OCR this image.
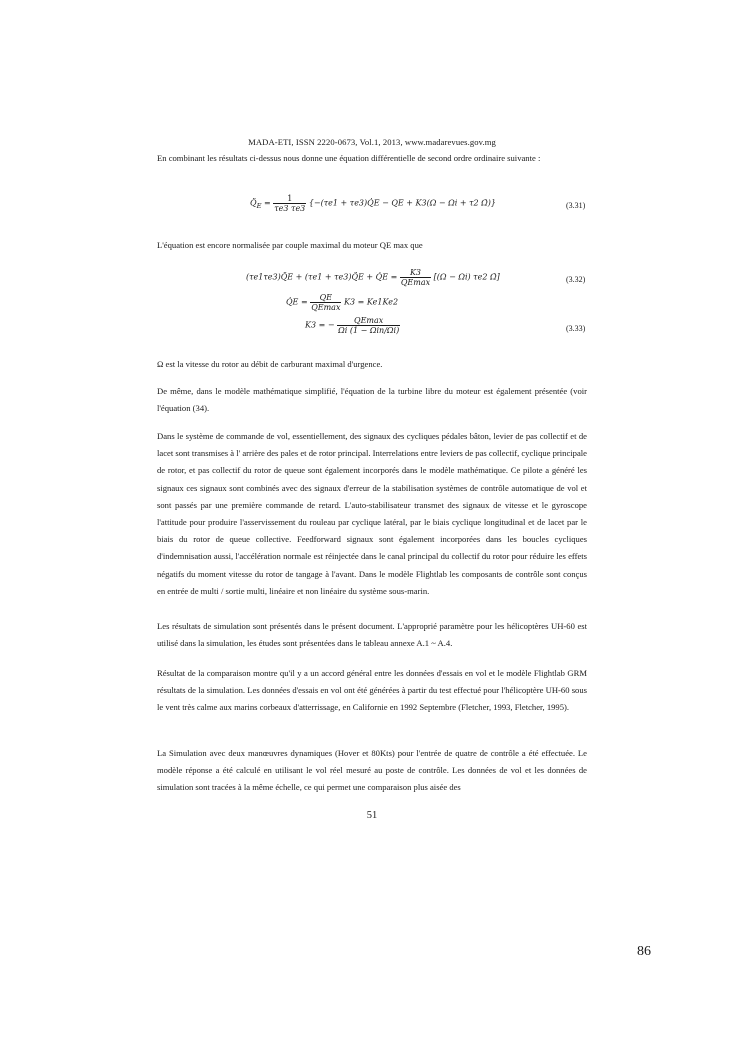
MADA-ETI, ISSN 2220-0673, Vol.1, 2013, www.madarevues.gov.mg

En combinant les résultats ci-dessus nous donne une équation différentielle de second ordre ordinaire suivante :

$Q̈_E = \frac{1}{\tau e3 \tau e3} \{-(\tau e1$ + τe3)Q̇E − QE + K3(Ω − Ωi + τ2 Ω̇)}	(3.31)

L'équation est encore normalisée par couple maximal du moteur QE max que

(τe1τe3)Q̈E + (τe1 + τe3)Q̈E + Q̇E = $\frac{K3}{QEmax} [(\Omega - \Omega i)$ τe2 Ω̇]	(3.32)
Q̇E = $\frac{QE}{QEmax} K3 = Ke1Ke2$
K3 = − $\frac{QEmax}{\text{Ωi (1 − Ωin/Ωi)}}$	(3.33)

Ω est la vitesse du rotor au débit de carburant maximal d'urgence.

De même, dans le modèle mathématique simplifié, l'équation de la turbine libre du moteur est également présentée (voir l'équation (34).

Dans le système de commande de vol, essentiellement, des signaux des cycliques pédales bâton, levier de pas collectif et de lacet sont transmises à l' arrière des pales et de rotor principal. Interrelations entre leviers de pas collectif, cyclique principale de rotor, et pas collectif du rotor de queue sont également incorporés dans le modèle mathématique. Ce pilote a généré les signaux ces signaux sont combinés avec des signaux d'erreur de la stabilisation systèmes de contrôle automatique de vol et sont passés par une première commande de retard. L'auto-stabilisateur transmet des signaux de vitesse et le gyroscope l'attitude pour produire l'asservissement du rouleau par cyclique latéral, par le biais cyclique longitudinal et de lacet par le biais du rotor de queue collective. Feedforward signaux sont également incorporées dans les boucles cycliques d'indemnisation aussi, l'accélération normale est réinjectée dans le canal principal du collectif du rotor pour réduire les effets négatifs du moment vitesse du rotor de tangage à l'avant. Dans le modèle Flightlab les composants de contrôle sont conçus en entrée de multi / sortie multi, linéaire et non linéaire du système sous-marin.

Les résultats de simulation sont présentés dans le présent document. L'approprié paramètre pour les hélicoptères UH-60 est utilisé dans la simulation, les études sont présentées dans le tableau annexe A.1 ~ A.4.

Résultat de la comparaison montre qu'il y a un accord général entre les données d'essais en vol et le modèle Flightlab GRM résultats de la simulation. Les données d'essais en vol ont été générées à partir du test effectué pour l'hélicoptère UH-60 sous le vent très calme aux marins corbeaux d'atterrissage, en Californie en 1992 Septembre (Fletcher, 1993, Fletcher, 1995).

La Simulation avec deux manœuvres dynamiques (Hover et 80Kts) pour l'entrée de quatre de contrôle a été effectuée. Le modèle réponse a été calculé en utilisant le vol réel mesuré au poste de contrôle. Les données de vol et les données de simulation sont tracées à la même échelle, ce qui permet une comparaison plus aisée des

51
86
